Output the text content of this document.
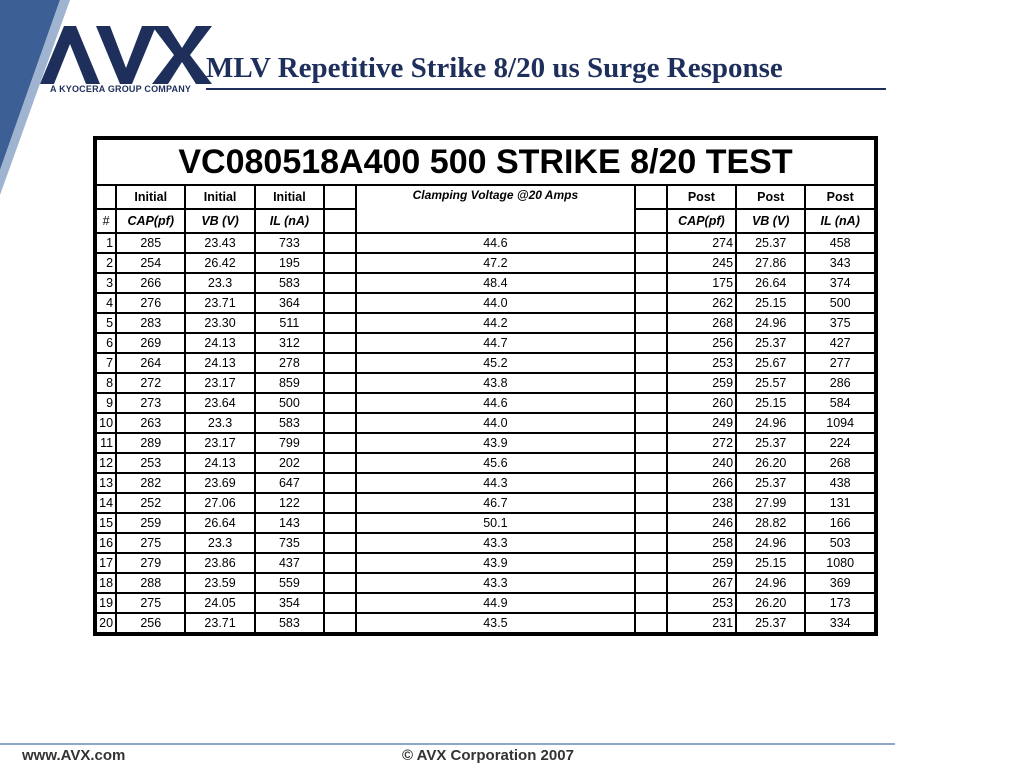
A KYOCERA GROUP COMPANY
MLV Repetitive Strike 8/20 us Surge Response
VC080518A400 500 STRIKE 8/20 TEST									
	Initial	Initial	Initial		Clamping Voltage @20 Amps		Post	Post	Post
#	CAP(pf)	VB (V)	IL (nA)				CAP(pf)	VB (V)	IL (nA)
1	285	23.43	733		44.6		274	25.37	458
2	254	26.42	195		47.2		245	27.86	343
3	266	23.3	583		48.4		175	26.64	374
4	276	23.71	364		44.0		262	25.15	500
5	283	23.30	511		44.2		268	24.96	375
6	269	24.13	312		44.7		256	25.37	427
7	264	24.13	278		45.2		253	25.67	277
8	272	23.17	859		43.8		259	25.57	286
9	273	23.64	500		44.6		260	25.15	584
10	263	23.3	583		44.0		249	24.96	1094
11	289	23.17	799		43.9		272	25.37	224
12	253	24.13	202		45.6		240	26.20	268
13	282	23.69	647		44.3		266	25.37	438
14	252	27.06	122		46.7		238	27.99	131
15	259	26.64	143		50.1		246	28.82	166
16	275	23.3	735		43.3		258	24.96	503
17	279	23.86	437		43.9		259	25.15	1080
18	288	23.59	559		43.3		267	24.96	369
19	275	24.05	354		44.9		253	26.20	173
20	256	23.71	583		43.5		231	25.37	334
www.AVX.com	© AVX Corporation 2007
